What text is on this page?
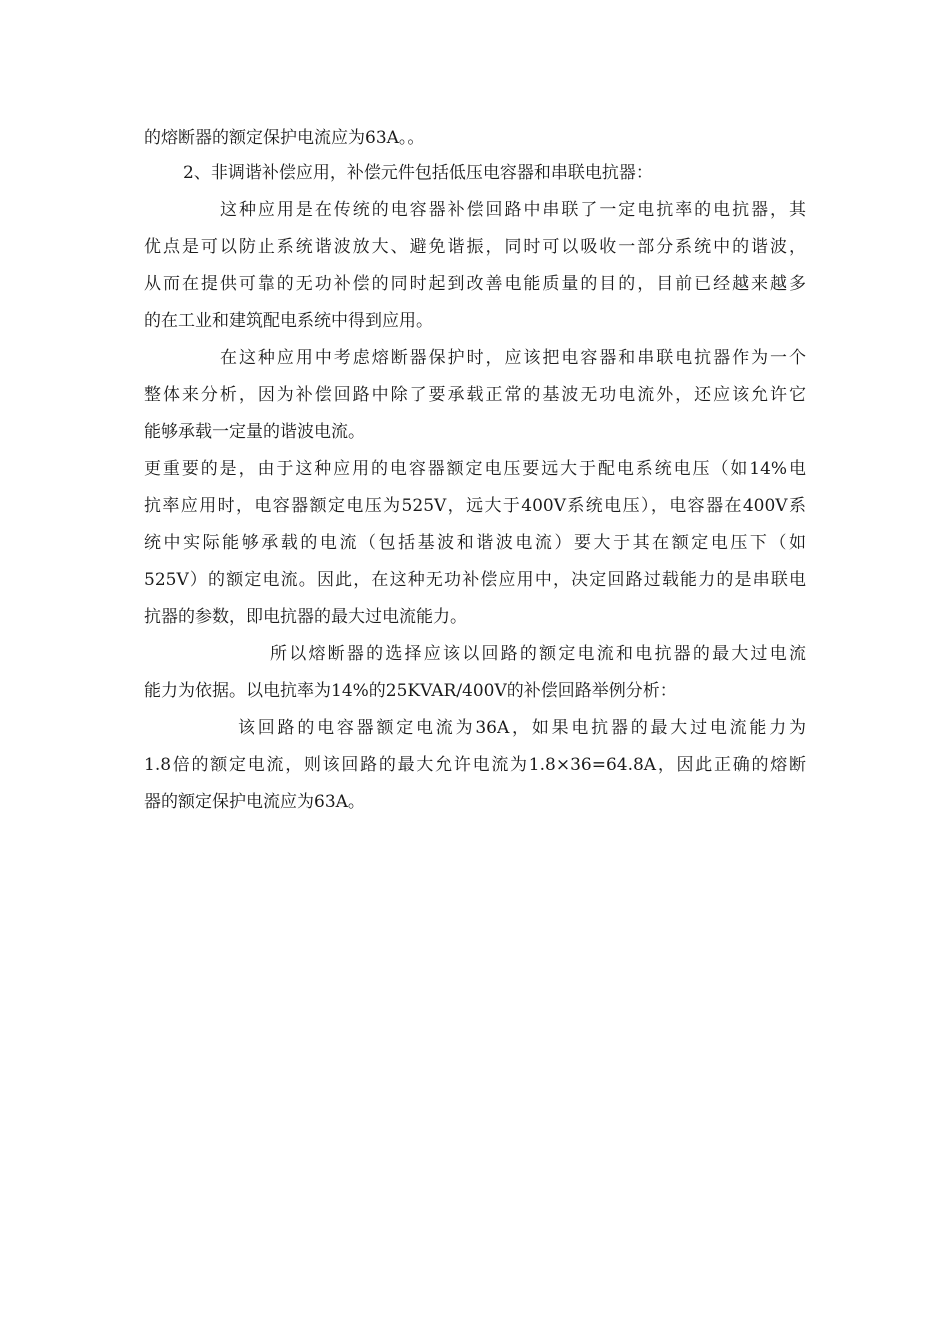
的熔断器的额定保护电流应为63A。。

2、非调谐补偿应用，补偿元件包括低压电容器和串联电抗器：

这种应用是在传统的电容器补偿回路中串联了一定电抗率的电抗器，其

优点是可以防止系统谐波放大、避免谐振，同时可以吸收一部分系统中的谐波，

从而在提供可靠的无功补偿的同时起到改善电能质量的目的，目前已经越来越多

的在工业和建筑配电系统中得到应用。

在这种应用中考虑熔断器保护时，应该把电容器和串联电抗器作为一个

整体来分析，因为补偿回路中除了要承载正常的基波无功电流外，还应该允许它

能够承载一定量的谐波电流。

更重要的是，由于这种应用的电容器额定电压要远大于配电系统电压（如14%电

抗率应用时，电容器额定电压为525V，远大于400V系统电压），电容器在400V系

统中实际能够承载的电流（包括基波和谐波电流）要大于其在额定电压下（如

525V）的额定电流。因此，在这种无功补偿应用中，决定回路过载能力的是串联电

抗器的参数，即电抗器的最大过电流能力。

所以熔断器的选择应该以回路的额定电流和电抗器的最大过电流

能力为依据。以电抗率为14%的25KVAR/400V的补偿回路举例分析：

该回路的电容器额定电流为36A，如果电抗器的最大过电流能力为

1.8倍的额定电流，则该回路的最大允许电流为1.8×36=64.8A，因此正确的熔断

器的额定保护电流应为63A。
